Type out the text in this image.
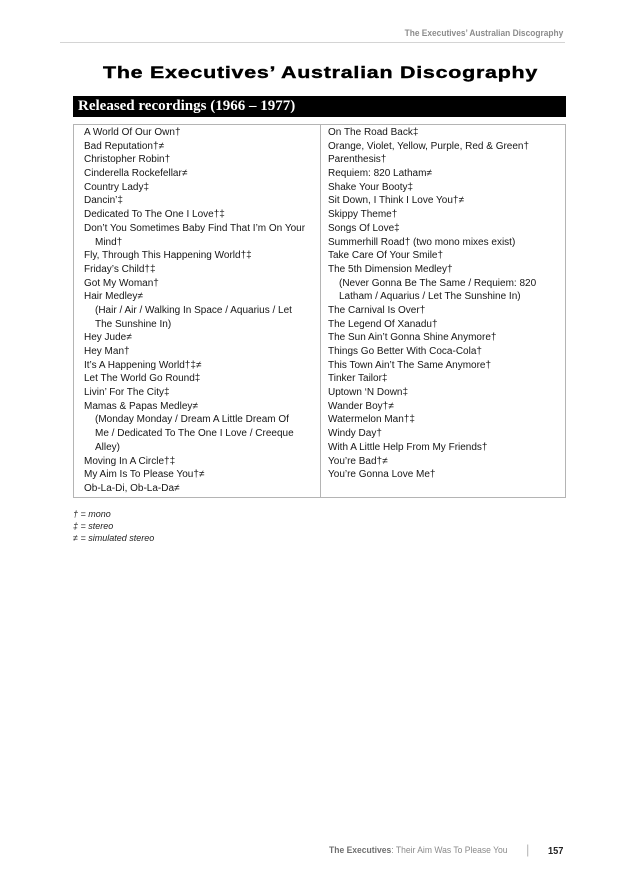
The Executives’ Australian Discography
The Executives’ Australian Discography
Released recordings (1966 – 1977)
A World Of Our Own†
Bad Reputation†≠
Christopher Robin†
Cinderella Rockefellar≠
Country Lady‡
Dancin’‡
Dedicated To The One I Love†‡
Don’t You Sometimes Baby Find That I’m On Your
Mind†
Fly, Through This Happening World†‡
Friday’s Child†‡
Got My Woman†
Hair Medley≠
(Hair / Air / Walking In Space / Aquarius / Let
The Sunshine In)
Hey Jude≠
Hey Man†
It’s A Happening World†‡≠
Let The World Go Round‡
Livin’ For The City‡
Mamas & Papas Medley≠
(Monday Monday / Dream A Little Dream Of
Me / Dedicated To The One I Love / Creeque
Alley)
Moving In A Circle†‡
My Aim Is To Please You†≠
Ob-La-Di, Ob-La-Da≠
On The Road Back‡
Orange, Violet, Yellow, Purple, Red & Green†
Parenthesis†
Requiem: 820 Latham≠
Shake Your Booty‡
Sit Down, I Think I Love You†≠
Skippy Theme†
Songs Of Love‡
Summerhill Road† (two mono mixes exist)
Take Care Of Your Smile†
The 5th Dimension Medley†
(Never Gonna Be The Same / Requiem: 820
Latham / Aquarius / Let The Sunshine In)
The Carnival Is Over†
The Legend Of Xanadu†
The Sun Ain’t Gonna Shine Anymore†
Things Go Better With Coca-Cola†
This Town Ain’t The Same Anymore†
Tinker Tailor‡
Uptown ‘N Down‡
Wander Boy†≠
Watermelon Man†‡
Windy Day†
With A Little Help From My Friends†
You’re Bad†≠
You’re Gonna Love Me†
† = mono
‡ = stereo
≠ = simulated stereo
The Executives: Their Aim Was To Please You | 157
